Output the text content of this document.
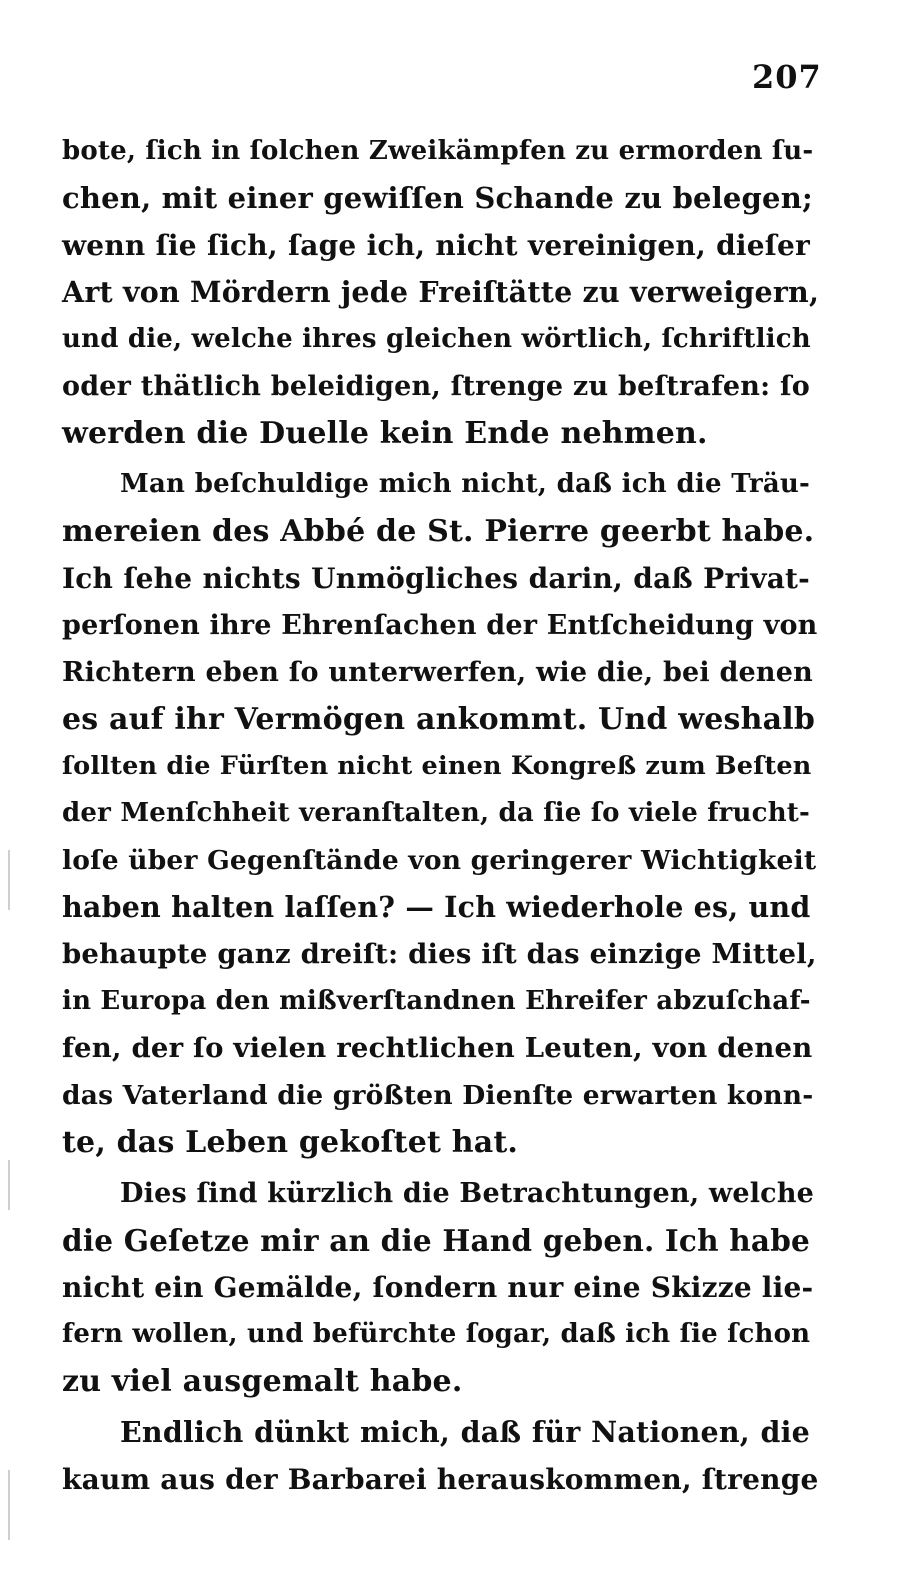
207
bote, ſich in ſolchen Zweikämpfen zu ermorden ſu-
chen, mit einer gewiſſen Schande zu belegen;
wenn ſie ſich, ſage ich, nicht vereinigen, dieſer
Art von Mördern jede Freiſtätte zu verweigern,
und die, welche ihres gleichen wörtlich, ſchriftlich
oder thätlich beleidigen, ſtrenge zu beſtrafen: ſo
werden die Duelle kein Ende nehmen.
Man beſchuldige mich nicht, daß ich die Träu-
mereien des Abbé de St. Pierre geerbt habe.
Ich ſehe nichts Unmögliches darin, daß Privat-
perſonen ihre Ehrenſachen der Entſcheidung von
Richtern eben ſo unterwerfen, wie die, bei denen
es auf ihr Vermögen ankommt. Und weshalb
ſollten die Fürſten nicht einen Kongreß zum Beſten
der Menſchheit veranſtalten, da ſie ſo viele frucht-
loſe über Gegenſtände von geringerer Wichtigkeit
haben halten laſſen? — Ich wiederhole es, und
behaupte ganz dreiſt: dies iſt das einzige Mittel,
in Europa den mißverſtandnen Ehreifer abzuſchaf-
fen, der ſo vielen rechtlichen Leuten, von denen
das Vaterland die größten Dienſte erwarten konn-
te, das Leben gekoſtet hat.
Dies ſind kürzlich die Betrachtungen, welche
die Geſetze mir an die Hand geben. Ich habe
nicht ein Gemälde, ſondern nur eine Skizze lie-
fern wollen, und befürchte ſogar, daß ich ſie ſchon
zu viel ausgemalt habe.
Endlich dünkt mich, daß für Nationen, die
kaum aus der Barbarei herauskommen, ſtrenge
